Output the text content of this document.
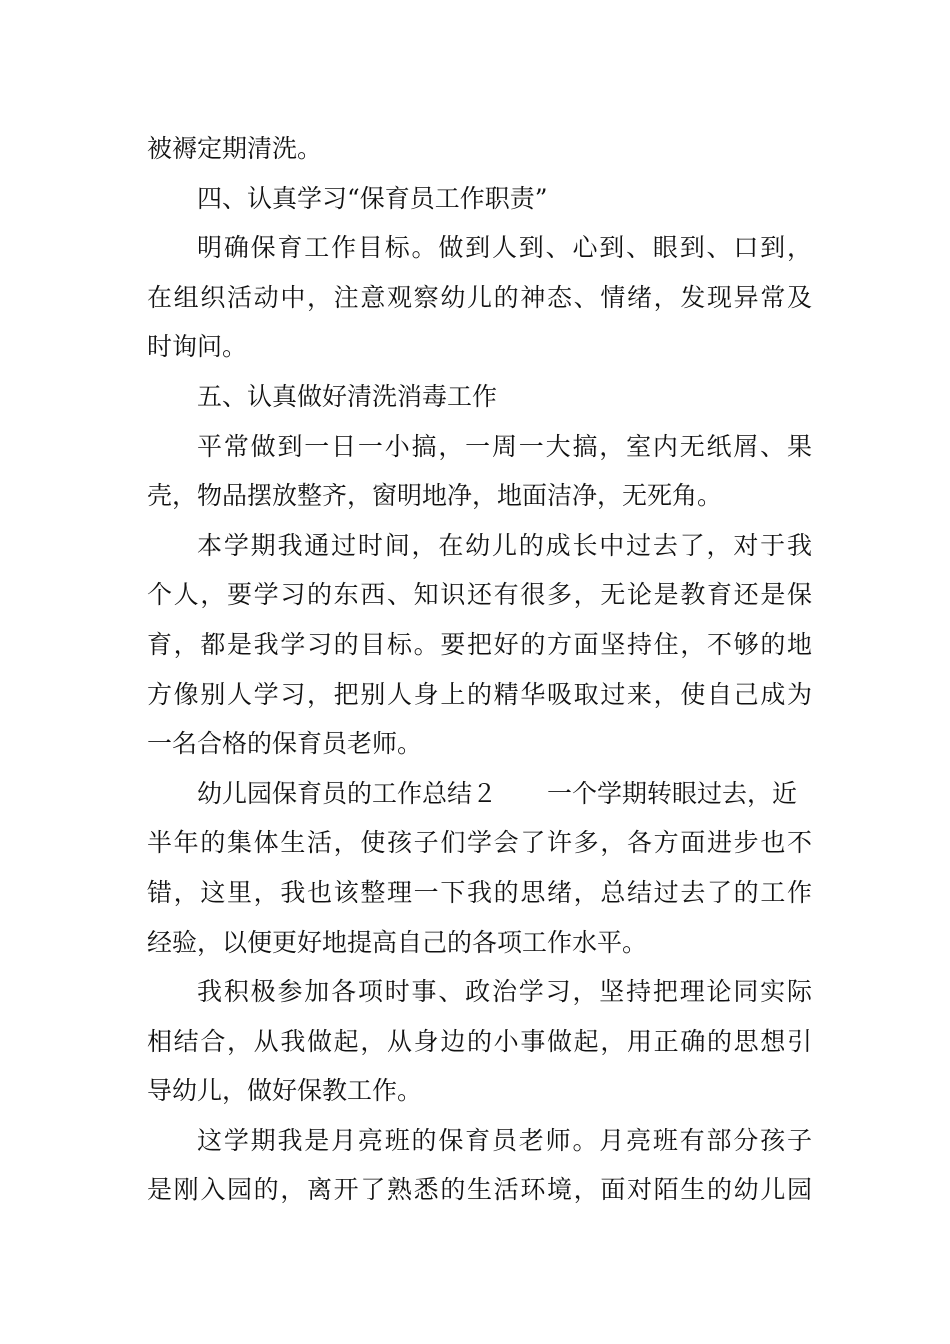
被褥定期清洗。
四、认真学习“保育员工作职责”
明确保育工作目标。做到人到、心到、眼到、口到，
在组织活动中，注意观察幼儿的神态、情绪，发现异常及
时询问。
五、认真做好清洗消毒工作
平常做到一日一小搞，一周一大搞，室内无纸屑、果
壳，物品摆放整齐，窗明地净，地面洁净，无死角。
本学期我通过时间，在幼儿的成长中过去了，对于我
个人，要学习的东西、知识还有很多，无论是教育还是保
育，都是我学习的目标。要把好的方面坚持住，不够的地
方像别人学习，把别人身上的精华吸取过来，使自己成为
一名合格的保育员老师。
幼儿园保育员的工作总结２　　一个学期转眼过去，近
半年的集体生活，使孩子们学会了许多，各方面进步也不
错，这里，我也该整理一下我的思绪，总结过去了的工作
经验，以便更好地提高自己的各项工作水平。
我积极参加各项时事、政治学习，坚持把理论同实际
相结合，从我做起，从身边的小事做起，用正确的思想引
导幼儿，做好保教工作。
这学期我是月亮班的保育员老师。月亮班有部分孩子
是刚入园的，离开了熟悉的生活环境，面对陌生的幼儿园
